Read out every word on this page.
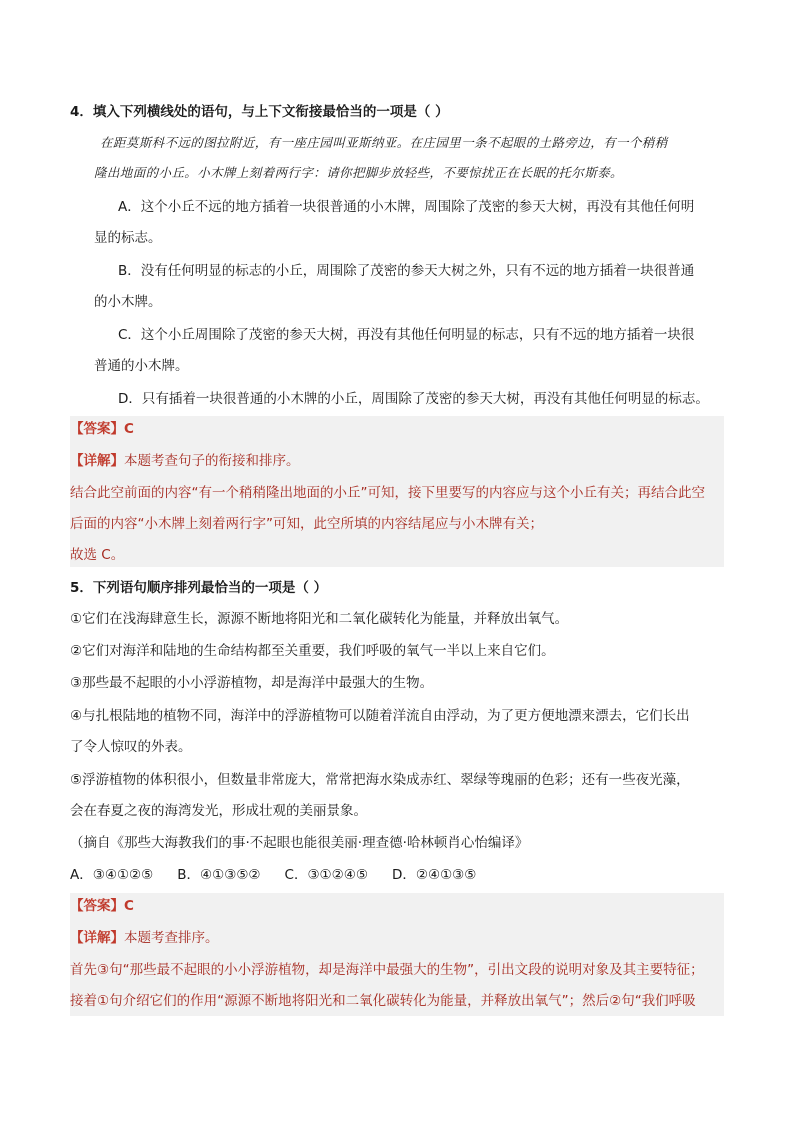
4．填入下列横线处的语句，与上下文衔接最恰当的一项是（ ）
在距莫斯科不远的图拉附近，有一座庄园叫亚斯纳亚。在庄园里一条不起眼的土路旁边，有一个稍稍
隆出地面的小丘。小木牌上刻着两行字：请你把脚步放轻些，不要惊扰正在长眠的托尔斯泰。
A．这个小丘不远的地方插着一块很普通的小木牌，周围除了茂密的参天大树，再没有其他任何明
显的标志。
B．没有任何明显的标志的小丘，周围除了茂密的参天大树之外，只有不远的地方插着一块很普通
的小木牌。
C．这个小丘周围除了茂密的参天大树，再没有其他任何明显的标志，只有不远的地方插着一块很
普通的小木牌。
D．只有插着一块很普通的小木牌的小丘，周围除了茂密的参天大树，再没有其他任何明显的标志。
【答案】C
【详解】本题考查句子的衔接和排序。
结合此空前面的内容“有一个稍稍隆出地面的小丘”可知，接下里要写的内容应与这个小丘有关；再结合此空
后面的内容“小木牌上刻着两行字”可知，此空所填的内容结尾应与小木牌有关；
故选 C。
5．下列语句顺序排列最恰当的一项是（ ）
①它们在浅海肆意生长，源源不断地将阳光和二氧化碳转化为能量，并释放出氧气。
②它们对海洋和陆地的生命结构都至关重要，我们呼吸的氧气一半以上来自它们。
③那些最不起眼的小小浮游植物，却是海洋中最强大的生物。
④与扎根陆地的植物不同，海洋中的浮游植物可以随着洋流自由浮动，为了更方便地漂来漂去，它们长出
了令人惊叹的外表。
⑤浮游植物的体积很小，但数量非常庞大，常常把海水染成赤红、翠绿等瑰丽的色彩；还有一些夜光藻，
会在春夏之夜的海湾发光，形成壮观的美丽景象。
（摘自《那些大海教我们的事·不起眼也能很美丽·理查德·哈林顿肖心怡编译》
A．③④①②⑤ B．④①③⑤② C．③①②④⑤ D．②④①③⑤
【答案】C
【详解】本题考查排序。
首先③句“那些最不起眼的小小浮游植物，却是海洋中最强大的生物”，引出文段的说明对象及其主要特征；
接着①句介绍它们的作用“源源不断地将阳光和二氧化碳转化为能量，并释放出氧气”；然后②句“我们呼吸
